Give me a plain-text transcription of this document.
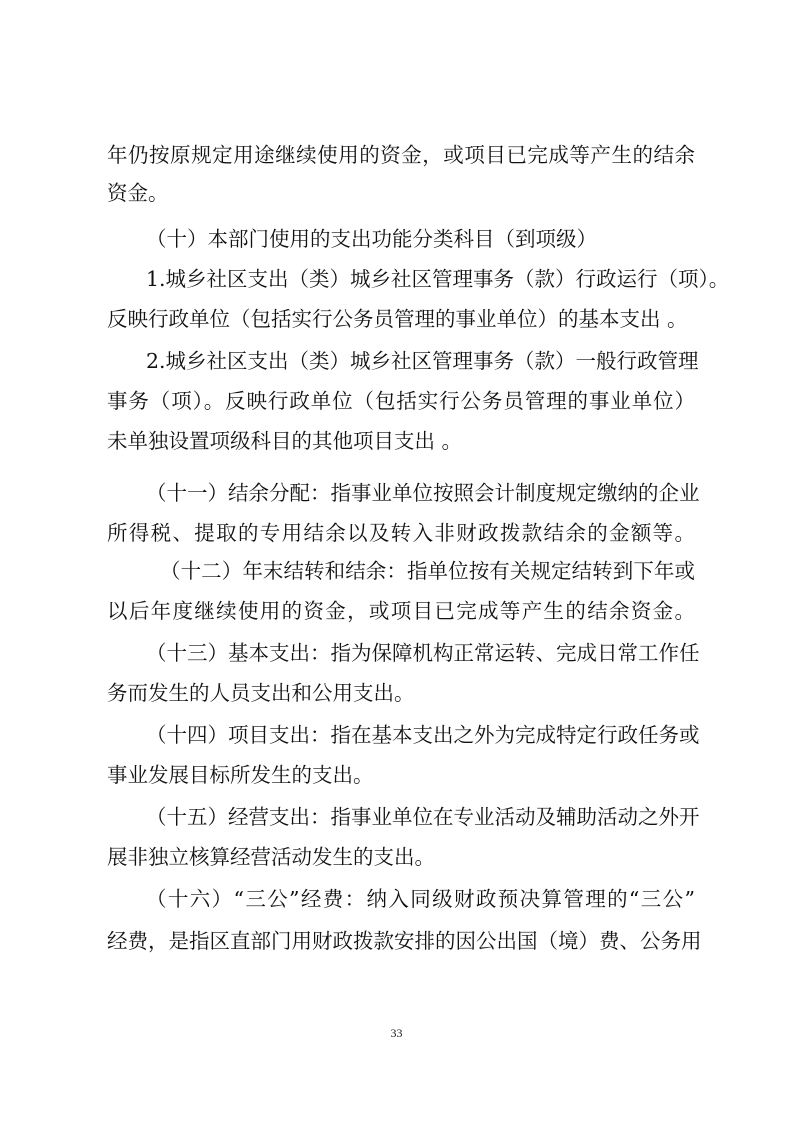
年仍按原规定用途继续使用的资金，或项目已完成等产生的结余
资金。
（十）本部门使用的支出功能分类科目（到项级）
1.城乡社区支出（类）城乡社区管理事务（款）行政运行（项）。
反映行政单位（包括实行公务员管理的事业单位）的基本支出 。
2.城乡社区支出（类）城乡社区管理事务（款）一般行政管理
事务（项）。反映行政单位（包括实行公务员管理的事业单位）
未单独设置项级科目的其他项目支出 。
（十一）结余分配：指事业单位按照会计制度规定缴纳的企业
所得税、提取的专用结余以及转入非财政拨款结余的金额等。
（十二）年末结转和结余：指单位按有关规定结转到下年或
以后年度继续使用的资金，或项目已完成等产生的结余资金。
（十三）基本支出：指为保障机构正常运转、完成日常工作任
务而发生的人员支出和公用支出。
（十四）项目支出：指在基本支出之外为完成特定行政任务或
事业发展目标所发生的支出。
（十五）经营支出：指事业单位在专业活动及辅助活动之外开
展非独立核算经营活动发生的支出。
（十六）“三公”经费：纳入同级财政预决算管理的“三公”
经费，是指区直部门用财政拨款安排的因公出国（境）费、公务用
33
